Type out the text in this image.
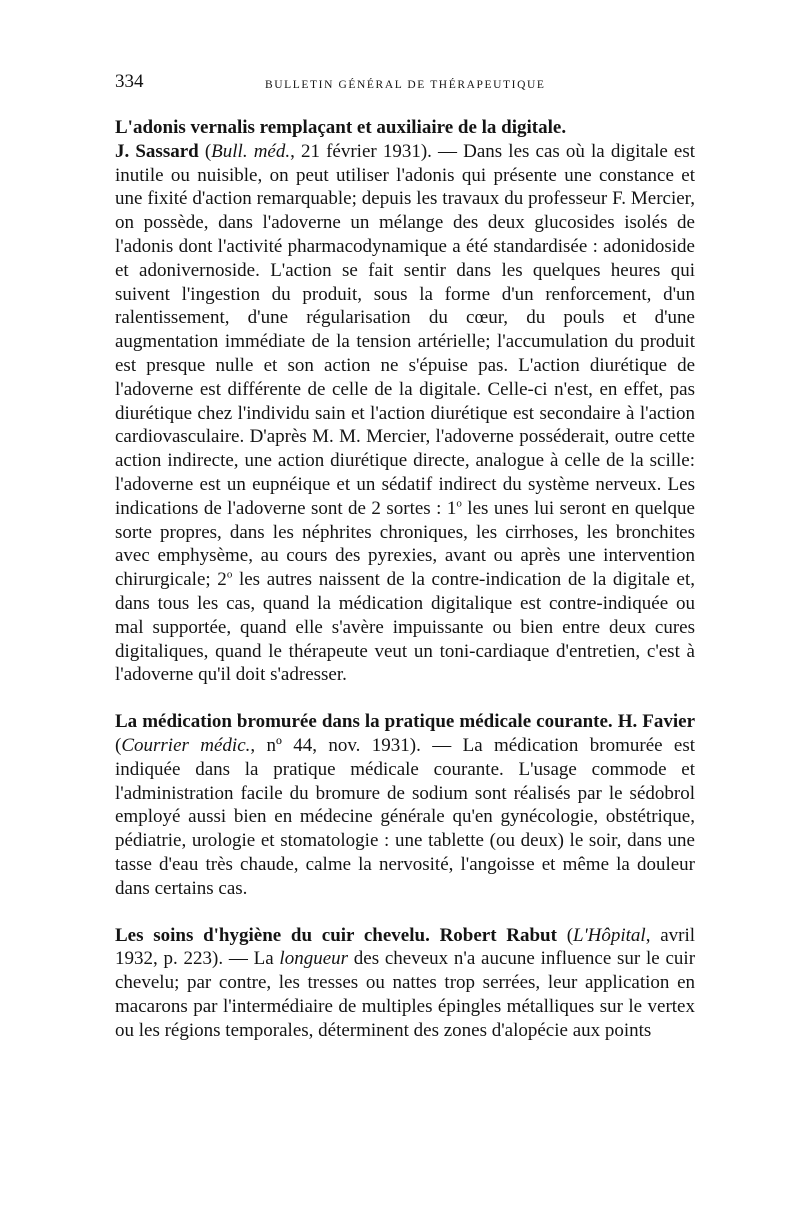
334	BULLETIN GÉNÉRAL DE THÉRAPEUTIQUE

L'adonis vernalis remplaçant et auxiliaire de la digitale.
J. Sassard (Bull. méd., 21 février 1931). — Dans les cas où la digitale est inutile ou nuisible, on peut utiliser l'adonis qui présente une constance et une fixité d'action remarquable; depuis les travaux du professeur F. Mercier, on possède, dans l'adoverne un mélange des deux glucosides isolés de l'adonis dont l'activité pharmacodynamique a été standardisée : adonidoside et adonivernoside. L'action se fait sentir dans les quelques heures qui suivent l'ingestion du produit, sous la forme d'un renforcement, d'un ralentissement, d'une régularisation du cœur, du pouls et d'une augmentation immédiate de la tension artérielle; l'accumulation du produit est presque nulle et son action ne s'épuise pas. L'action diurétique de l'adoverne est différente de celle de la digitale. Celle-ci n'est, en effet, pas diurétique chez l'individu sain et l'action diurétique est secondaire à l'action cardiovasculaire. D'après M. M. Mercier, l'adoverne posséderait, outre cette action indirecte, une action diurétique directe, analogue à celle de la scille: l'adoverne est un eupnéique et un sédatif indirect du système nerveux. Les indications de l'adoverne sont de 2 sortes : 1$^o$ les unes lui seront en quelque sorte propres, dans les néphrites chroniques, les cirrhoses, les bronchites avec emphysème, au cours des pyrexies, avant ou après une intervention chirurgicale; 2$^o$ les autres naissent de la contre-indication de la digitale et, dans tous les cas, quand la médication digitalique est contre-indiquée ou mal supportée, quand elle s'avère impuissante ou bien entre deux cures digitaliques, quand le thérapeute veut un toni-cardiaque d'entretien, c'est à l'adoverne qu'il doit s'adresser.

La médication bromurée dans la pratique médicale courante. H. Favier (Courrier médic., nº 44, nov. 1931). — La médication bromurée est indiquée dans la pratique médicale courante. L'usage commode et l'administration facile du bromure de sodium sont réalisés par le sédobrol employé aussi bien en médecine générale qu'en gynécologie, obstétrique, pédiatrie, urologie et stomatologie : une tablette (ou deux) le soir, dans une tasse d'eau très chaude, calme la nervosité, l'angoisse et même la douleur dans certains cas.

Les soins d'hygiène du cuir chevelu. Robert Rabut (L'Hôpital, avril 1932, p. 223). — La longueur des cheveux n'a aucune influence sur le cuir chevelu; par contre, les tresses ou nattes trop serrées, leur application en macarons par l'intermédiaire de multiples épingles métalliques sur le vertex ou les régions temporales, déterminent des zones d'alopécie aux points
